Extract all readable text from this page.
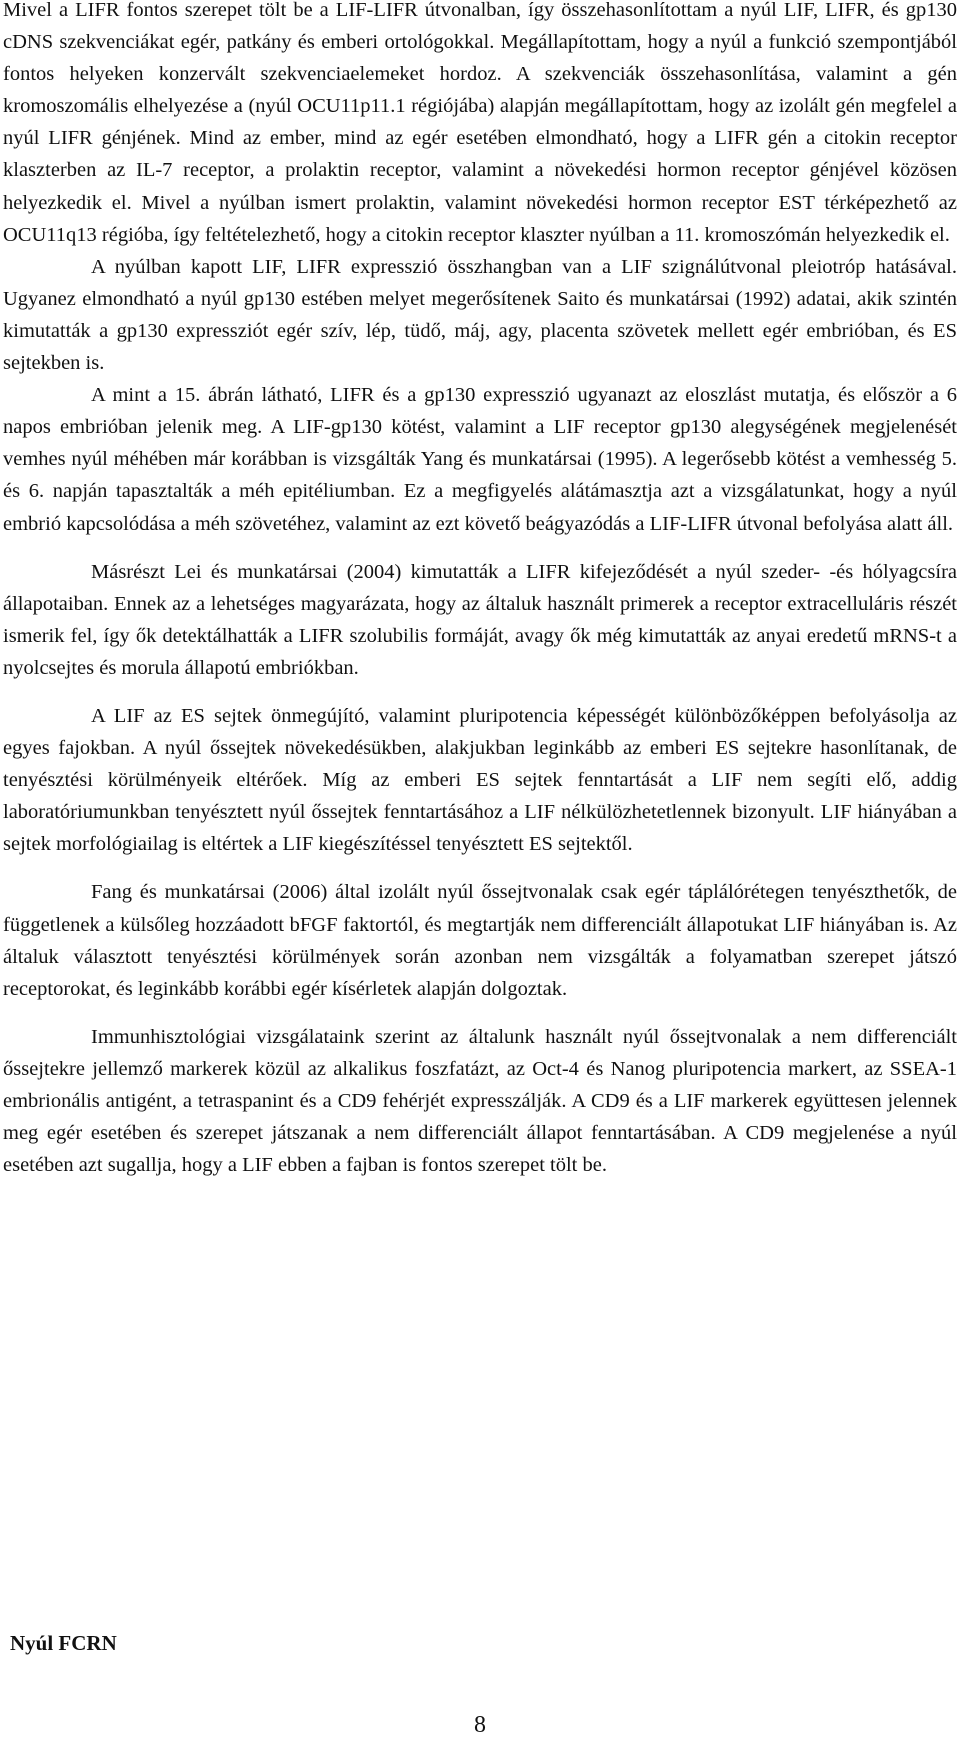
Mivel a LIFR fontos szerepet tölt be a LIF-LIFR útvonalban, így összehasonlítottam a nyúl LIF, LIFR, és gp130 cDNS szekvenciákat egér, patkány és emberi ortológokkal. Megállapítottam, hogy a nyúl a funkció szempontjából fontos helyeken konzervált szekvenciaelemeket hordoz. A szekvenciák összehasonlítása, valamint a gén kromoszomális elhelyezése a (nyúl OCU11p11.1 régiójába) alapján megállapítottam, hogy az izolált gén megfelel a nyúl LIFR génjének. Mind az ember, mind az egér esetében elmondható, hogy a LIFR gén a citokin receptor klaszterben az IL-7 receptor, a prolaktin receptor, valamint a növekedési hormon receptor génjével közösen helyezkedik el. Mivel a nyúlban ismert prolaktin, valamint növekedési hormon receptor EST térképezhető az OCU11q13 régióba, így feltételezhető, hogy a citokin receptor klaszter nyúlban a 11. kromoszómán helyezkedik el.

A nyúlban kapott LIF, LIFR expresszió összhangban van a LIF szignálútvonal pleiotróp hatásával. Ugyanez elmondható a nyúl gp130 estében melyet megerősítenek Saito és munkatársai (1992) adatai, akik szintén kimutatták a gp130 expressziót egér szív, lép, tüdő, máj, agy, placenta szövetek mellett egér embrióban, és ES sejtekben is.

A mint a 15. ábrán látható, LIFR és a gp130 expresszió ugyanazt az eloszlást mutatja, és először a 6 napos embrióban jelenik meg. A LIF-gp130 kötést, valamint a LIF receptor gp130 alegységének megjelenését vemhes nyúl méhében már korábban is vizsgálták Yang és munkatársai (1995). A legerősebb kötést a vemhesség 5. és 6. napján tapasztalták a méh epitéliumban. Ez a megfigyelés alátámasztja azt a vizsgálatunkat, hogy a nyúl embrió kapcsolódása a méh szövetéhez, valamint az ezt követő beágyazódás a LIF-LIFR útvonal befolyása alatt áll.

Másrészt Lei és munkatársai (2004) kimutatták a LIFR kifejeződését a nyúl szeder- -és hólyagcsíra állapotaiban. Ennek az a lehetséges magyarázata, hogy az általuk használt primerek a receptor extracelluláris részét ismerik fel, így ők detektálhatták a LIFR szolubilis formáját, avagy ők még kimutatták az anyai eredetű mRNS-t a nyolcsejtes és morula állapotú embriókban.

A LIF az ES sejtek önmegújító, valamint pluripotencia képességét különbözőképpen befolyásolja az egyes fajokban. A nyúl őssejtek növekedésükben, alakjukban leginkább az emberi ES sejtekre hasonlítanak, de tenyésztési körülményeik eltérőek. Míg az emberi ES sejtek fenntartását a LIF nem segíti elő, addig laboratóriumunkban tenyésztett nyúl őssejtek fenntartásához a LIF nélkülözhetetlennek bizonyult. LIF hiányában a sejtek morfológiailag is eltértek a LIF kiegészítéssel tenyésztett ES sejtektől.

Fang és munkatársai (2006) által izolált nyúl őssejtvonalak csak egér táplálórétegen tenyészthetők, de függetlenek a külsőleg hozzáadott bFGF faktortól, és megtartják nem differenciált állapotukat LIF hiányában is. Az általuk választott tenyésztési körülmények során azonban nem vizsgálták a folyamatban szerepet játszó receptorokat, és leginkább korábbi egér kísérletek alapján dolgoztak.

Immunhisztológiai vizsgálataink szerint az általunk használt nyúl őssejtvonalak a nem differenciált őssejtekre jellemző markerek közül az alkalikus foszfatázt, az Oct-4 és Nanog pluripotencia markert, az SSEA-1 embrionális antigént, a tetraspanint és a CD9 fehérjét expresszálják. A CD9 és a LIF markerek együttesen jelennek meg egér esetében és szerepet játszanak a nem differenciált állapot fenntartásában. A CD9 megjelenése a nyúl esetében azt sugallja, hogy a LIF ebben a fajban is fontos szerepet tölt be.

Nyúl FCRN
8
